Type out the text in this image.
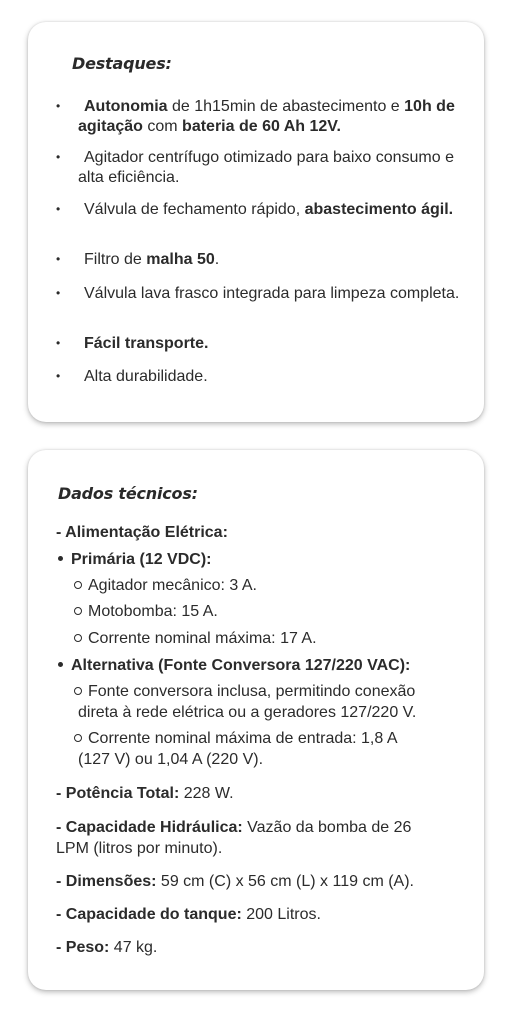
Destaques:
•	Autonomia de 1h15min de abastecimento e 10h de agitação com bateria de 60 Ah 12V.
•	Agitador centrífugo otimizado para baixo consumo e alta eficiência.
•	Válvula de fechamento rápido, abastecimento ágil.
•	Filtro de malha 50.
•	Válvula lava frasco integrada para limpeza completa.
•	Fácil transporte.
•	Alta durabilidade.
Dados técnicos:
- Alimentação Elétrica:
Primária (12 VDC):
Agitador mecânico: 3 A.
Motobomba: 15 A.
Corrente nominal máxima: 17 A.
Alternativa (Fonte Conversora 127/220 VAC):
Fonte conversora inclusa, permitindo conexão
direta à rede elétrica ou a geradores 127/220 V.
Corrente nominal máxima de entrada: 1,8 A
(127 V) ou 1,04 A (220 V).
- Potência Total: 228 W.
- Capacidade Hidráulica: Vazão da bomba de 26
LPM (litros por minuto).
- Dimensões: 59 cm (C) x 56 cm (L) x 119 cm (A).
- Capacidade do tanque: 200 Litros.
- Peso: 47 kg.
